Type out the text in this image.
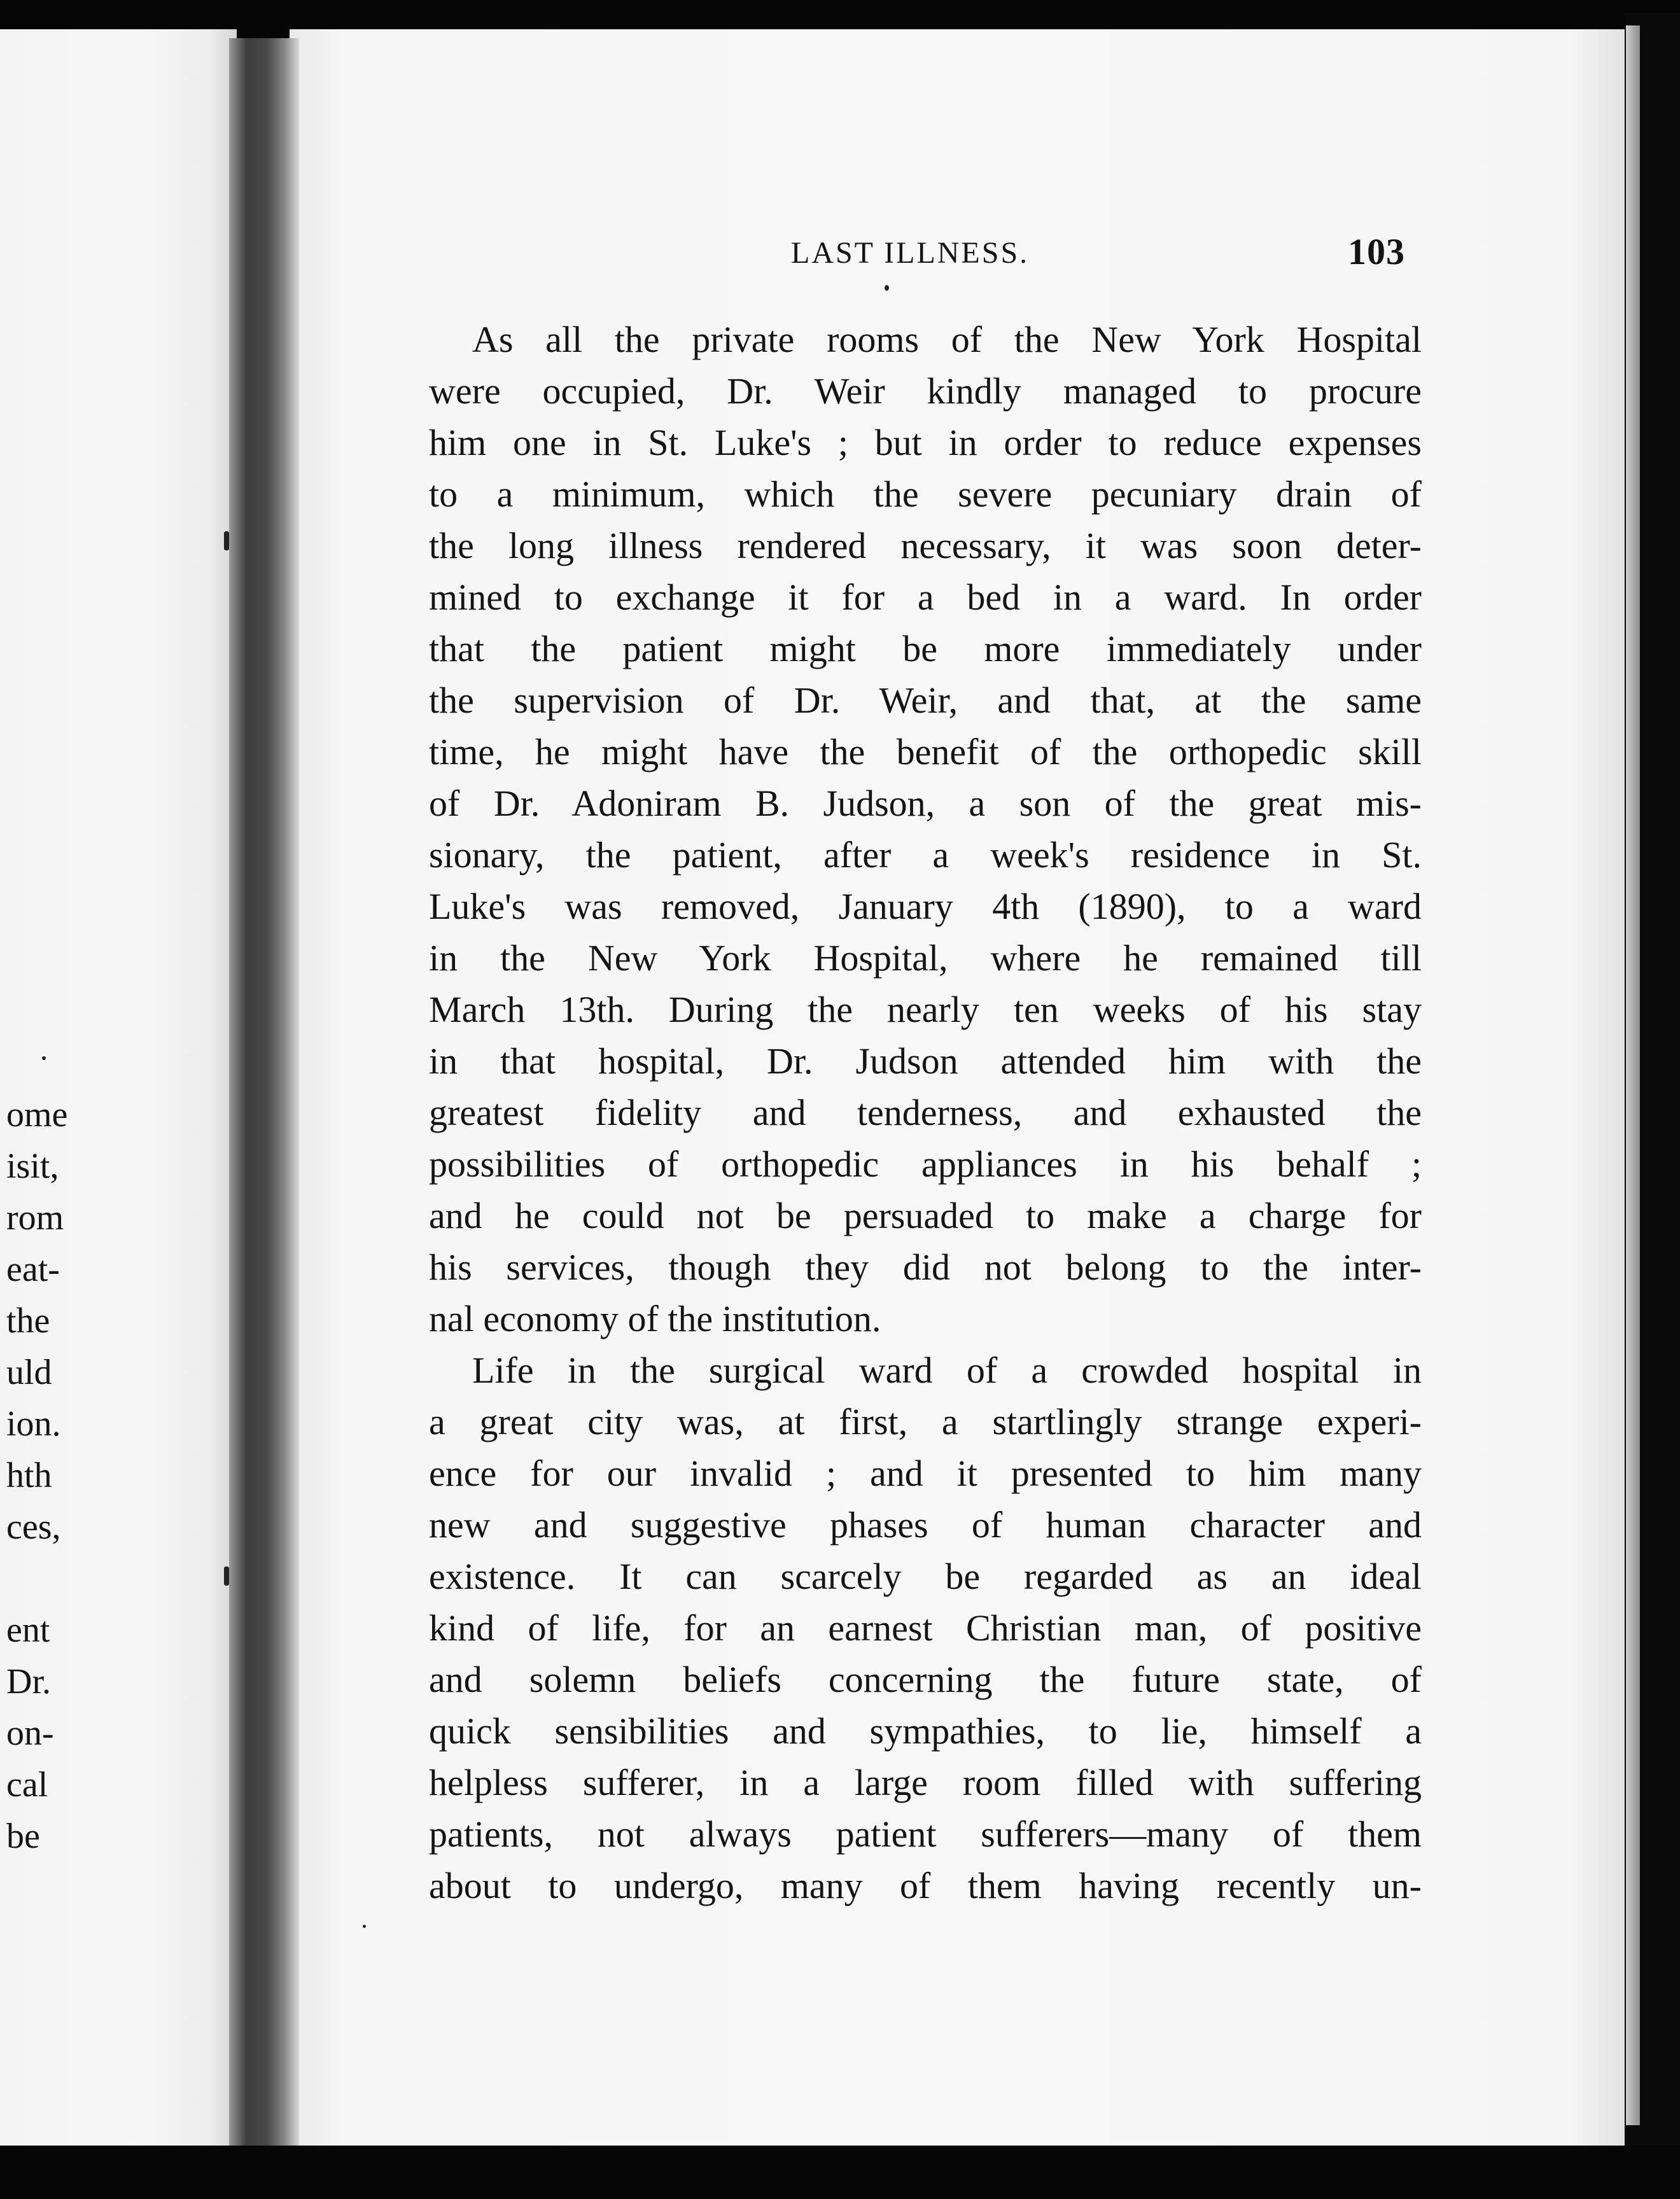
LAST ILLNESS.	103
As all the private rooms of the New York Hospital
were occupied, Dr. Weir kindly managed to procure
him one in St. Luke's ; but in order to reduce expenses
to a minimum, which the severe pecuniary drain of
the long illness rendered necessary, it was soon deter-
mined to exchange it for a bed in a ward. In order
that the patient might be more immediately under
the supervision of Dr. Weir, and that, at the same
time, he might have the benefit of the orthopedic skill
of Dr. Adoniram B. Judson, a son of the great mis-
sionary, the patient, after a week's residence in St.
Luke's was removed, January 4th (1890), to a ward
in the New York Hospital, where he remained till
March 13th. During the nearly ten weeks of his stay
in that hospital, Dr. Judson attended him with the
greatest fidelity and tenderness, and exhausted the
possibilities of orthopedic appliances in his behalf ;
and he could not be persuaded to make a charge for
his services, though they did not belong to the inter-
nal economy of the institution.
Life in the surgical ward of a crowded hospital in
a great city was, at first, a startlingly strange experi-
ence for our invalid ; and it presented to him many
new and suggestive phases of human character and
existence. It can scarcely be regarded as an ideal
kind of life, for an earnest Christian man, of positive
and solemn beliefs concerning the future state, of
quick sensibilities and sympathies, to lie, himself a
helpless sufferer, in a large room filled with suffering
patients, not always patient sufferers—many of them
about to undergo, many of them having recently un-
ome
isit,
rom
eat-
the
uld
ion.
hth
ces,
ent
Dr.
on-
cal
be
